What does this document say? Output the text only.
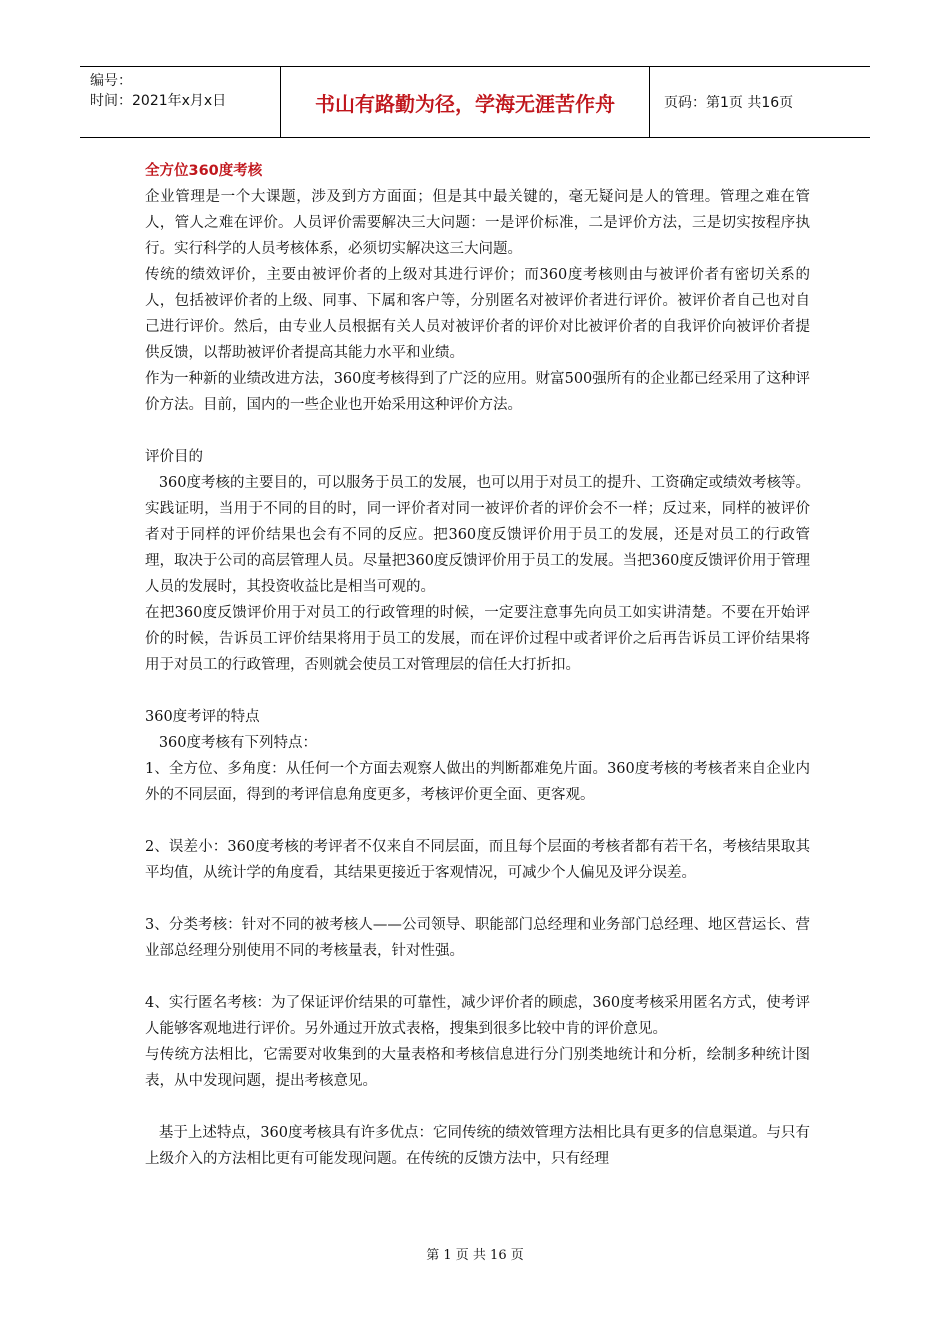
编号：
时间：2021年x月x日	书山有路勤为径，学海无涯苦作舟	页码：第1页 共16页

全方位360度考核

企业管理是一个大课题，涉及到方方面面；但是其中最关键的，毫无疑问是人的管理。管理之难在管人，管人之难在评价。人员评价需要解决三大问题：一是评价标准，二是评价方法，三是切实按程序执行。实行科学的人员考核体系，必须切实解决这三大问题。

传统的绩效评价，主要由被评价者的上级对其进行评价；而360度考核则由与被评价者有密切关系的人，包括被评价者的上级、同事、下属和客户等，分别匿名对被评价者进行评价。被评价者自己也对自己进行评价。然后，由专业人员根据有关人员对被评价者的评价对比被评价者的自我评价向被评价者提供反馈，以帮助被评价者提高其能力水平和业绩。

作为一种新的业绩改进方法，360度考核得到了广泛的应用。财富500强所有的企业都已经采用了这种评价方法。目前，国内的一些企业也开始采用这种评价方法。

评价目的

360度考核的主要目的，可以服务于员工的发展，也可以用于对员工的提升、工资确定或绩效考核等。实践证明，当用于不同的目的时，同一评价者对同一被评价者的评价会不一样；反过来，同样的被评价者对于同样的评价结果也会有不同的反应。把360度反馈评价用于员工的发展，还是对员工的行政管理，取决于公司的高层管理人员。尽量把360度反馈评价用于员工的发展。当把360度反馈评价用于管理人员的发展时，其投资收益比是相当可观的。

在把360度反馈评价用于对员工的行政管理的时候，一定要注意事先向员工如实讲清楚。不要在开始评价的时候，告诉员工评价结果将用于员工的发展，而在评价过程中或者评价之后再告诉员工评价结果将用于对员工的行政管理，否则就会使员工对管理层的信任大打折扣。

360度考评的特点

360度考核有下列特点：

1、全方位、多角度：从任何一个方面去观察人做出的判断都难免片面。360度考核的考核者来自企业内外的不同层面，得到的考评信息角度更多，考核评价更全面、更客观。

2、误差小：360度考核的考评者不仅来自不同层面，而且每个层面的考核者都有若干名，考核结果取其平均值，从统计学的角度看，其结果更接近于客观情况，可减少个人偏见及评分误差。

3、分类考核：针对不同的被考核人——公司领导、职能部门总经理和业务部门总经理、地区营运长、营业部总经理分别使用不同的考核量表，针对性强。

4、实行匿名考核：为了保证评价结果的可靠性，减少评价者的顾虑，360度考核采用匿名方式，使考评人能够客观地进行评价。另外通过开放式表格，搜集到很多比较中肯的评价意见。

与传统方法相比，它需要对收集到的大量表格和考核信息进行分门别类地统计和分析，绘制多种统计图表，从中发现问题，提出考核意见。

基于上述特点，360度考核具有许多优点：它同传统的绩效管理方法相比具有更多的信息渠道。与只有上级介入的方法相比更有可能发现问题。在传统的反馈方法中，只有经理

第 1 页 共 16 页
